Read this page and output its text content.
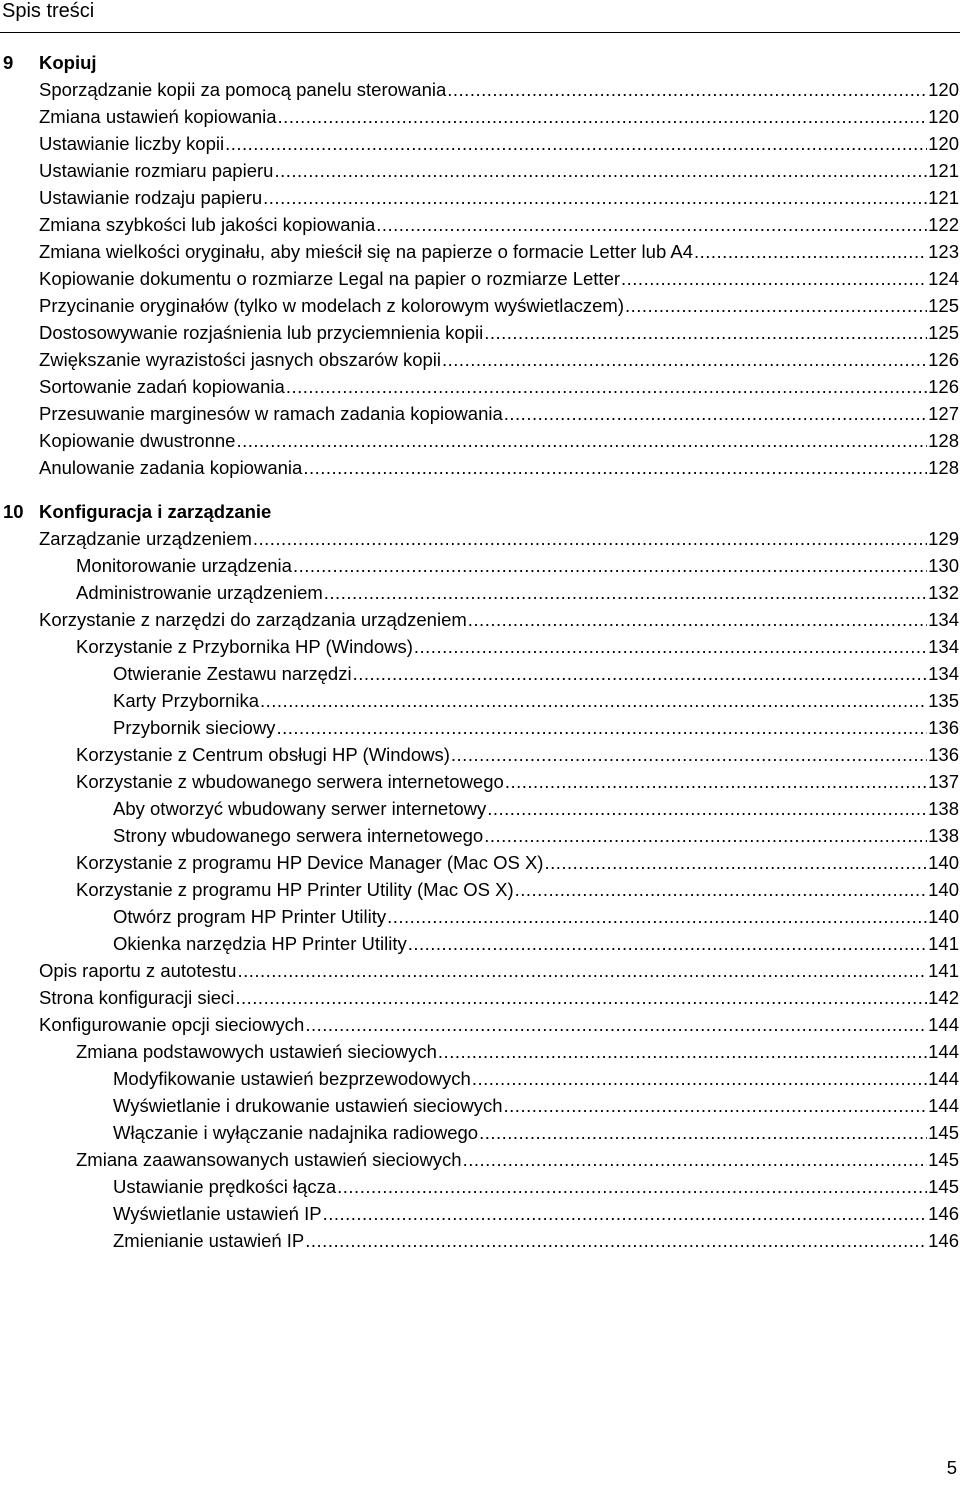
Spis treści
9 Kopiuj
Sporządzanie kopii za pomocą panelu sterowania .....	120
Zmiana ustawień kopiowania .....	120
Ustawianie liczby kopii .....	120
Ustawianie rozmiaru papieru .....	121
Ustawianie rodzaju papieru .....	121
Zmiana szybkości lub jakości kopiowania .....	122
Zmiana wielkości oryginału, aby mieścił się na papierze o formacie Letter lub A4 .....	123
Kopiowanie dokumentu o rozmiarze Legal na papier o rozmiarze Letter .....	124
Przycinanie oryginałów (tylko w modelach z kolorowym wyświetlaczem) .....	125
Dostosowywanie rozjaśnienia lub przyciemnienia kopii .....	125
Zwiększanie wyrazistości jasnych obszarów kopii .....	126
Sortowanie zadań kopiowania .....	126
Przesuwanie marginesów w ramach zadania kopiowania .....	127
Kopiowanie dwustronne .....	128
Anulowanie zadania kopiowania .....	128
10 Konfiguracja i zarządzanie
Zarządzanie urządzeniem .....	129
Monitorowanie urządzenia .....	130
Administrowanie urządzeniem .....	132
Korzystanie z narzędzi do zarządzania urządzeniem .....	134
Korzystanie z Przybornika HP (Windows) .....	134
Otwieranie Zestawu narzędzi .....	134
Karty Przybornika .....	135
Przybornik sieciowy .....	136
Korzystanie z Centrum obsługi HP (Windows) .....	136
Korzystanie z wbudowanego serwera internetowego .....	137
Aby otworzyć wbudowany serwer internetowy .....	138
Strony wbudowanego serwera internetowego .....	138
Korzystanie z programu HP Device Manager (Mac OS X) .....	140
Korzystanie z programu HP Printer Utility (Mac OS X) .....	140
Otwórz program HP Printer Utility .....	140
Okienka narzędzia HP Printer Utility .....	141
Opis raportu z autotestu .....	141
Strona konfiguracji sieci .....	142
Konfigurowanie opcji sieciowych .....	144
Zmiana podstawowych ustawień sieciowych .....	144
Modyfikowanie ustawień bezprzewodowych .....	144
Wyświetlanie i drukowanie ustawień sieciowych .....	144
Włączanie i wyłączanie nadajnika radiowego .....	145
Zmiana zaawansowanych ustawień sieciowych .....	145
Ustawianie prędkości łącza .....	145
Wyświetlanie ustawień IP .....	146
Zmienianie ustawień IP .....	146
5
